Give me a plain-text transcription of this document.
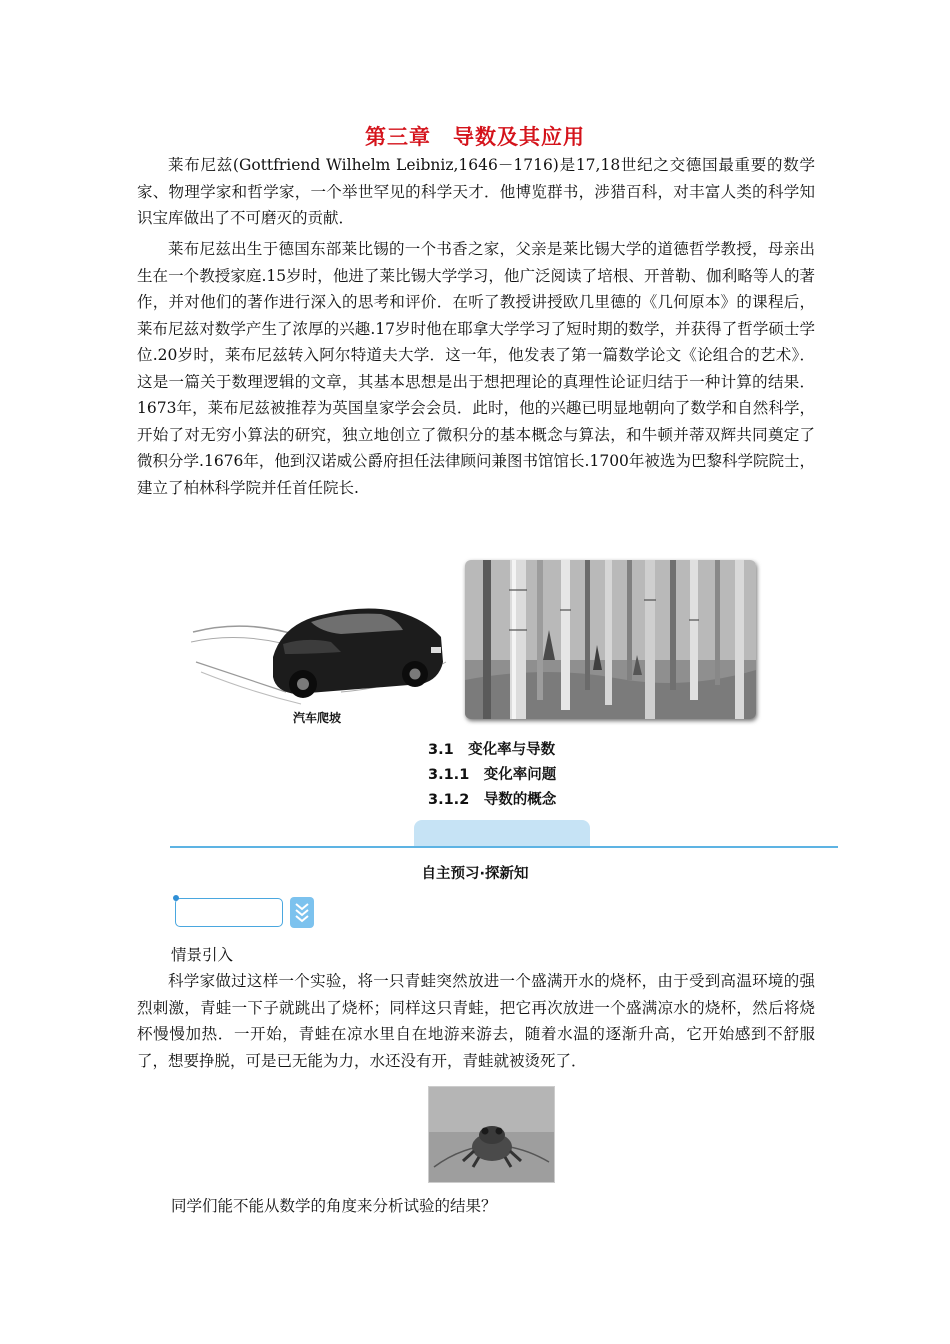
第三章　导数及其应用

莱布尼兹(Gottfriend Wilhelm Leibniz,1646－1716)是17,18世纪之交德国最重要的数学家、物理学家和哲学家，一个举世罕见的科学天才．他博览群书，涉猎百科，对丰富人类的科学知识宝库做出了不可磨灭的贡献．

莱布尼兹出生于德国东部莱比锡的一个书香之家，父亲是莱比锡大学的道德哲学教授，母亲出生在一个教授家庭.15岁时，他进了莱比锡大学学习，他广泛阅读了培根、开普勒、伽利略等人的著作，并对他们的著作进行深入的思考和评价．在听了教授讲授欧几里德的《几何原本》的课程后，莱布尼兹对数学产生了浓厚的兴趣.17岁时他在耶拿大学学习了短时期的数学，并获得了哲学硕士学位.20岁时，莱布尼兹转入阿尔特道夫大学．这一年，他发表了第一篇数学论文《论组合的艺术》．这是一篇关于数理逻辑的文章，其基本思想是出于想把理论的真理性论证归结于一种计算的结果．1673年，莱布尼兹被推荐为英国皇家学会会员．此时，他的兴趣已明显地朝向了数学和自然科学，开始了对无穷小算法的研究，独立地创立了微积分的基本概念与算法，和牛顿并蒂双辉共同奠定了微积分学.1676年，他到汉诺威公爵府担任法律顾问兼图书馆馆长.1700年被选为巴黎科学院院士，建立了柏林科学院并任首任院长.

汽车爬坡
3.1　变化率与导数
3.1.1　变化率问题
3.1.2　导数的概念
自主预习·探新知
情景引入

科学家做过这样一个实验，将一只青蛙突然放进一个盛满开水的烧杯，由于受到高温环境的强烈刺激，青蛙一下子就跳出了烧杯；同样这只青蛙，把它再次放进一个盛满凉水的烧杯，然后将烧杯慢慢加热．一开始，青蛙在凉水里自在地游来游去，随着水温的逐渐升高，它开始感到不舒服了，想要挣脱，可是已无能为力，水还没有开，青蛙就被烫死了．

同学们能不能从数学的角度来分析试验的结果？
